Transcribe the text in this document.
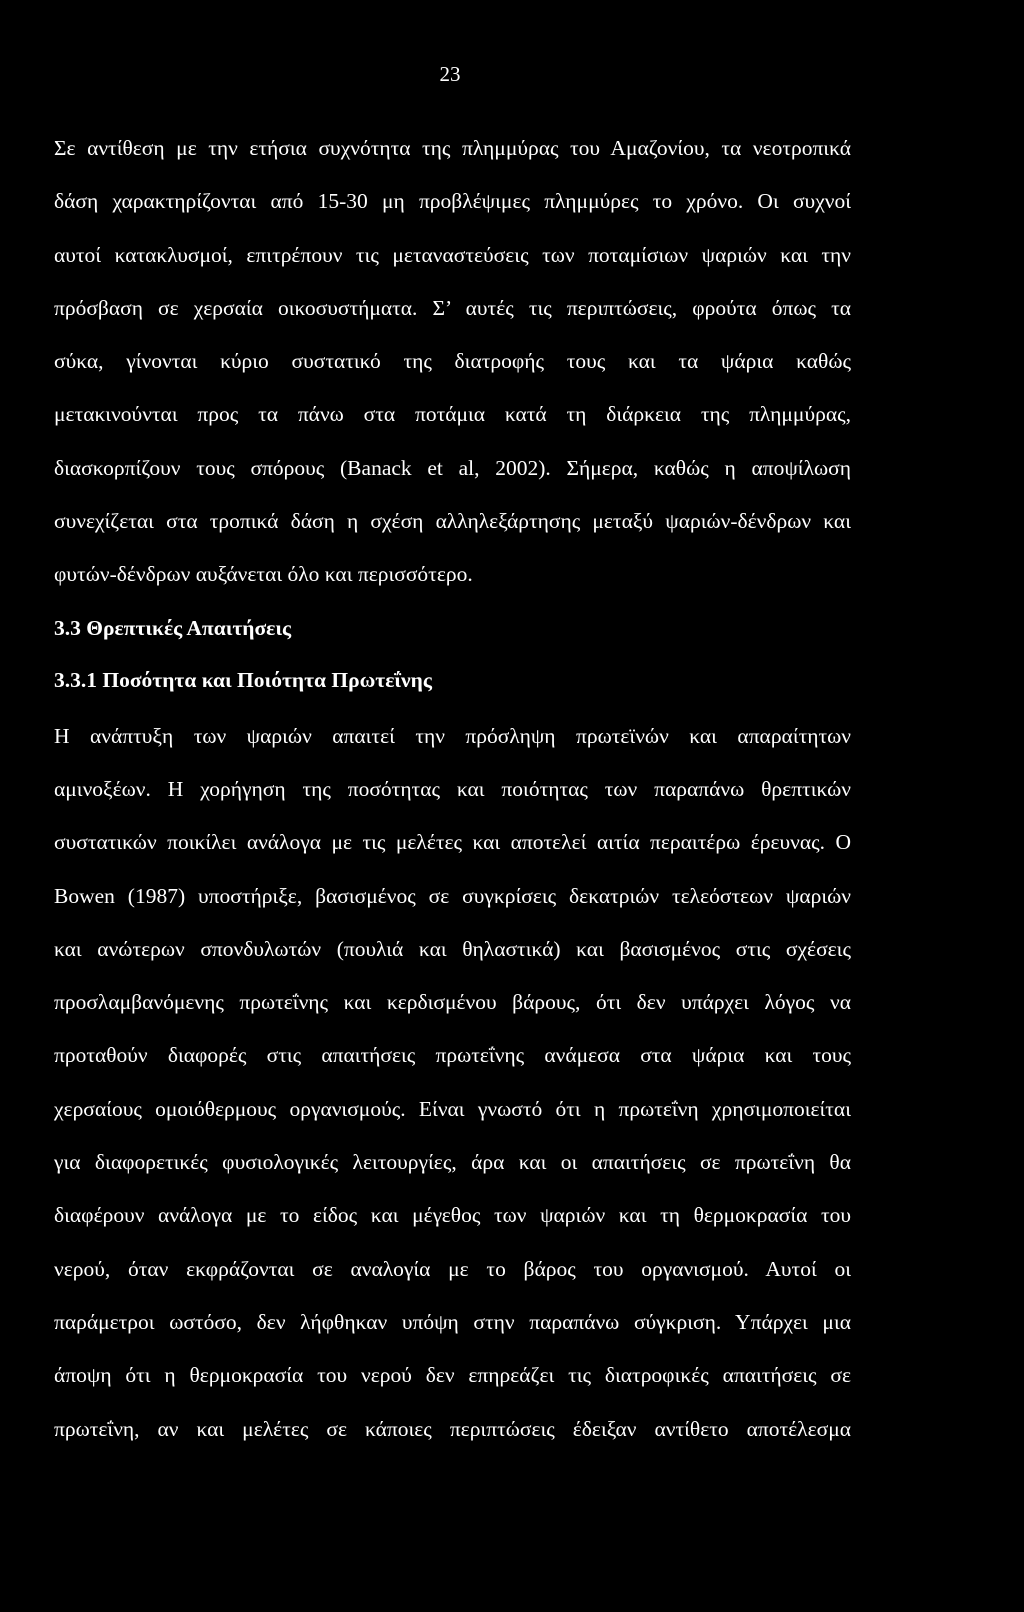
23
Σε αντίθεση με την ετήσια συχνότητα της πλημμύρας του Αμαζονίου, τα νεοτροπικά
δάση χαρακτηρίζονται από 15-30 μη προβλέψιμες πλημμύρες το χρόνο. Οι συχνοί
αυτοί κατακλυσμοί, επιτρέπουν τις μεταναστεύσεις των ποταμίσιων ψαριών και την
πρόσβαση σε χερσαία οικοσυστήματα. Σ’ αυτές τις περιπτώσεις, φρούτα όπως τα
σύκα, γίνονται κύριο συστατικό της διατροφής τους και τα ψάρια καθώς
μετακινούνται προς τα πάνω στα ποτάμια κατά τη διάρκεια της πλημμύρας,
διασκορπίζουν τους σπόρους (Banack et al, 2002). Σήμερα, καθώς η αποψίλωση
συνεχίζεται στα τροπικά δάση η σχέση αλληλεξάρτησης μεταξύ ψαριών-δένδρων και
φυτών-δένδρων αυξάνεται όλο και περισσότερο.
3.3 Θρεπτικές Απαιτήσεις
3.3.1 Ποσότητα και Ποιότητα Πρωτεΐνης
Η ανάπτυξη των ψαριών απαιτεί την πρόσληψη πρωτεϊνών και απαραίτητων
αμινοξέων. Η χορήγηση της ποσότητας και ποιότητας των παραπάνω θρεπτικών
συστατικών ποικίλει ανάλογα με τις μελέτες και αποτελεί αιτία περαιτέρω έρευνας. Ο
Bowen (1987) υποστήριξε, βασισμένος σε συγκρίσεις δεκατριών τελεόστεων ψαριών
και ανώτερων σπονδυλωτών (πουλιά και θηλαστικά) και βασισμένος στις σχέσεις
προσλαμβανόμενης πρωτεΐνης και κερδισμένου βάρους, ότι δεν υπάρχει λόγος να
προταθούν διαφορές στις απαιτήσεις πρωτεΐνης ανάμεσα στα ψάρια και τους
χερσαίους ομοιόθερμους οργανισμούς. Είναι γνωστό ότι η πρωτεΐνη χρησιμοποιείται
για διαφορετικές φυσιολογικές λειτουργίες, άρα και οι απαιτήσεις σε πρωτεΐνη θα
διαφέρουν ανάλογα με το είδος και μέγεθος των ψαριών και τη θερμοκρασία του
νερού, όταν εκφράζονται σε αναλογία με το βάρος του οργανισμού. Αυτοί οι
παράμετροι ωστόσο, δεν λήφθηκαν υπόψη στην παραπάνω σύγκριση. Υπάρχει μια
άποψη ότι η θερμοκρασία του νερού δεν επηρεάζει τις διατροφικές απαιτήσεις σε
πρωτεΐνη, αν και μελέτες σε κάποιες περιπτώσεις έδειξαν αντίθετο αποτέλεσμα
